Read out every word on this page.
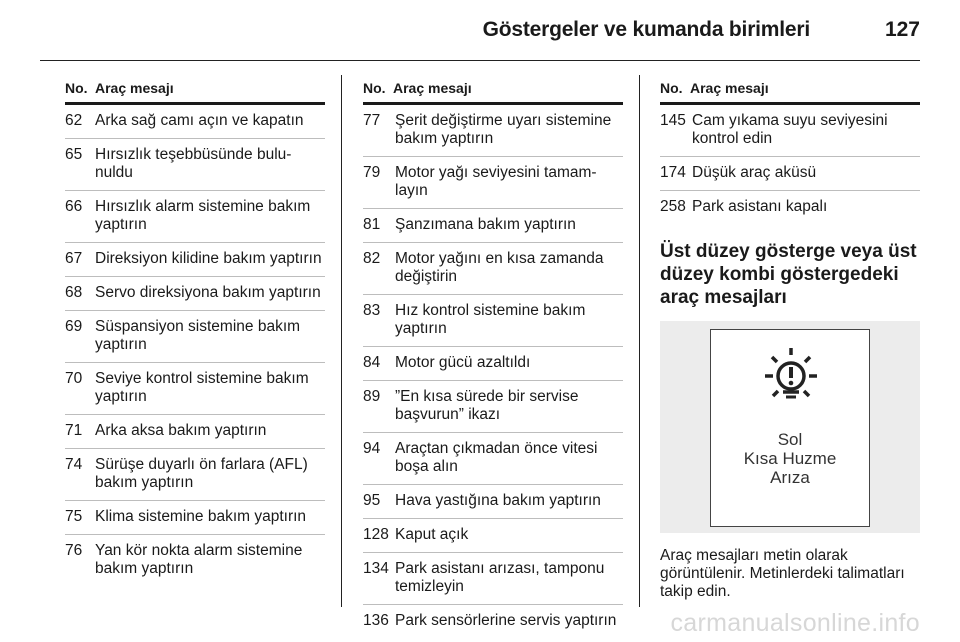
Göstergeler ve kumanda birimleri	127
No. Araç mesajı
62 Arka sağ camı açın ve kapatın
65 Hırsızlık teşebbüsünde bulu-nuldu
66 Hırsızlık alarm sistemine bakım yaptırın
67 Direksiyon kilidine bakım yaptırın
68 Servo direksiyona bakım yaptırın
69 Süspansiyon sistemine bakım yaptırın
70 Seviye kontrol sistemine bakım yaptırın
71 Arka aksa bakım yaptırın
74 Sürüşe duyarlı ön farlara (AFL) bakım yaptırın
75 Klima sistemine bakım yaptırın
76 Yan kör nokta alarm sistemine bakım yaptırın
No. Araç mesajı
77 Şerit değiştirme uyarı sistemine bakım yaptırın
79 Motor yağı seviyesini tamam-layın
81 Şanzımana bakım yaptırın
82 Motor yağını en kısa zamanda değiştirin
83 Hız kontrol sistemine bakım yaptırın
84 Motor gücü azaltıldı
89 ”En kısa sürede bir servise başvurun” ikazı
94 Araçtan çıkmadan önce vitesi boşa alın
95 Hava yastığına bakım yaptırın
128 Kaput açık
134 Park asistanı arızası, tamponu temizleyin
136 Park sensörlerine servis yaptırın
No. Araç mesajı
145 Cam yıkama suyu seviyesini kontrol edin
174 Düşük araç aküsü
258 Park asistanı kapalı
Üst düzey gösterge veya üst düzey kombi göstergedeki araç mesajları
Sol
Kısa Huzme
Arıza
Araç mesajları metin olarak görüntülenir. Metinlerdeki talimatları takip edin.
carmanualsonline.info
